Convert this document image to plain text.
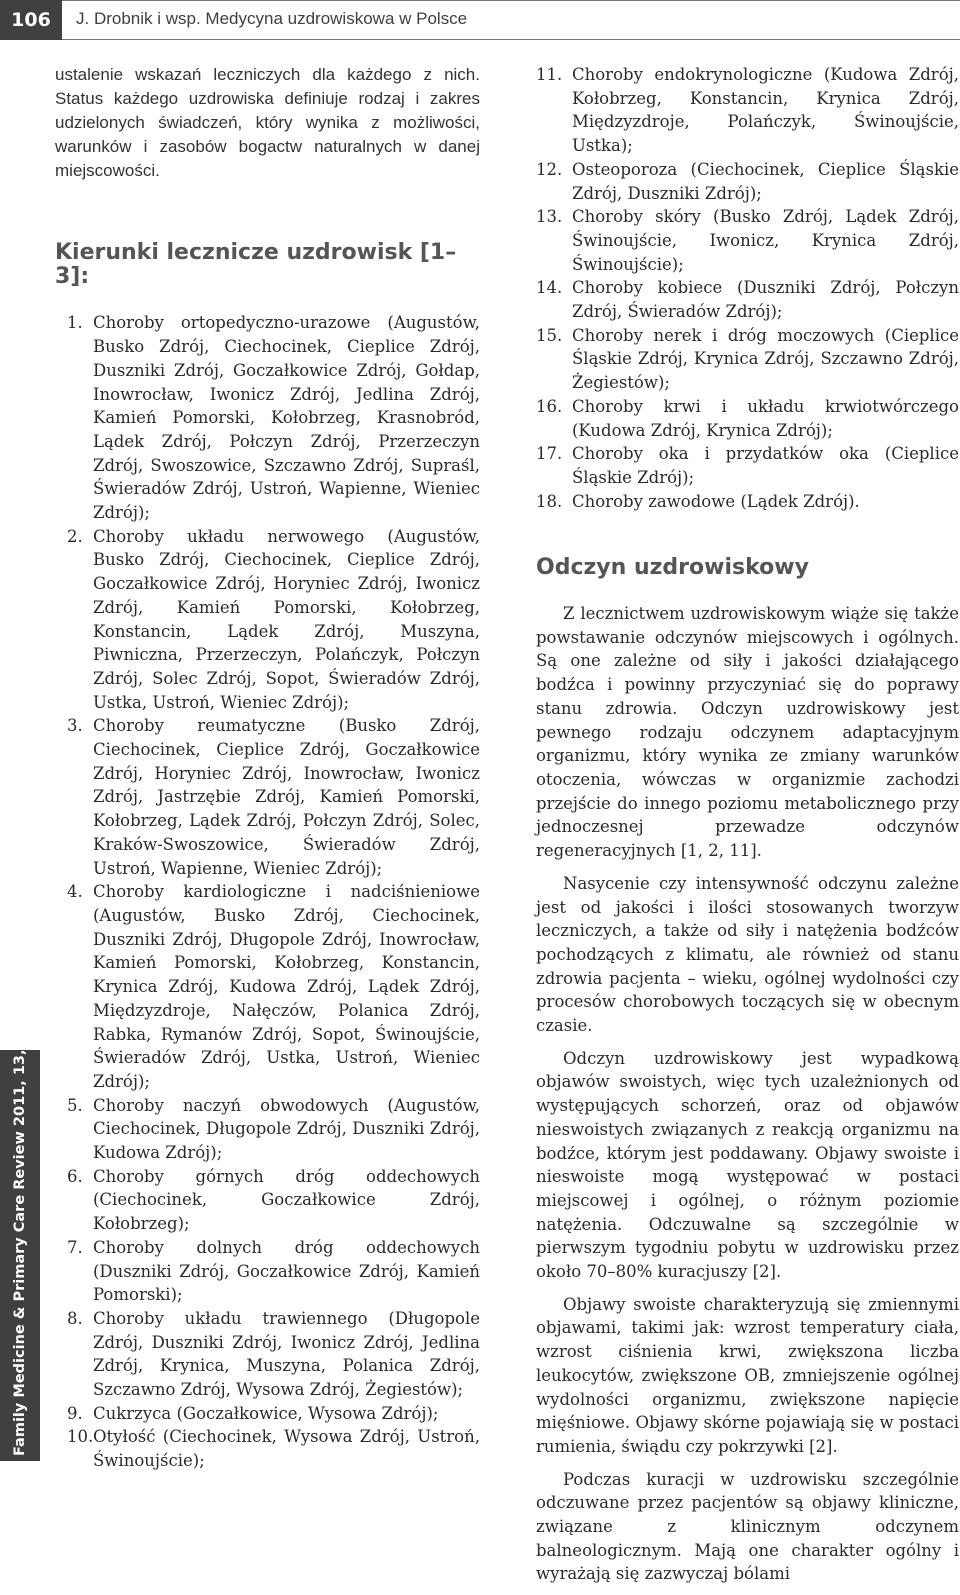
106	J. Drobnik i wsp. Medycyna uzdrowiskowa w Polsce
Family Medicine & Primary Care Review 2011, 13, 1
ustalenie wskazań leczniczych dla każdego z nich. Status każdego uzdrowiska definiuje rodzaj i zakres udzielonych świadczeń, który wynika z możliwości, warunków i zasobów bogactw naturalnych w danej miejscowości.
Kierunki lecznicze uzdrowisk [1–3]:
1. Choroby ortopedyczno-urazowe (Augustów, Busko Zdrój, Ciechocinek, Cieplice Zdrój, Duszniki Zdrój, Goczałkowice Zdrój, Gołdap, Inowrocław, Iwonicz Zdrój, Jedlina Zdrój, Kamień Pomorski, Kołobrzeg, Krasnobród, Lądek Zdrój, Połczyn Zdrój, Przerzeczyn Zdrój, Swoszowice, Szczawno Zdrój, Supraśl, Świeradów Zdrój, Ustroń, Wapienne, Wieniec Zdrój);
2. Choroby układu nerwowego (Augustów, Busko Zdrój, Ciechocinek, Cieplice Zdrój, Goczałkowice Zdrój, Horyniec Zdrój, Iwonicz Zdrój, Kamień Pomorski, Kołobrzeg, Konstancin, Lądek Zdrój, Muszyna, Piwniczna, Przerzeczyn, Polańczyk, Połczyn Zdrój, Solec Zdrój, Sopot, Świeradów Zdrój, Ustka, Ustroń, Wieniec Zdrój);
3. Choroby reumatyczne (Busko Zdrój, Ciechocinek, Cieplice Zdrój, Goczałkowice Zdrój, Horyniec Zdrój, Inowrocław, Iwonicz Zdrój, Jastrzębie Zdrój, Kamień Pomorski, Kołobrzeg, Lądek Zdrój, Połczyn Zdrój, Solec, Kraków-Swoszowice, Świeradów Zdrój, Ustroń, Wapienne, Wieniec Zdrój);
4. Choroby kardiologiczne i nadciśnieniowe (Augustów, Busko Zdrój, Ciechocinek, Duszniki Zdrój, Długopole Zdrój, Inowrocław, Kamień Pomorski, Kołobrzeg, Konstancin, Krynica Zdrój, Kudowa Zdrój, Lądek Zdrój, Międzyzdroje, Nałęczów, Polanica Zdrój, Rabka, Rymanów Zdrój, Sopot, Świnoujście, Świeradów Zdrój, Ustka, Ustroń, Wieniec Zdrój);
5. Choroby naczyń obwodowych (Augustów, Ciechocinek, Długopole Zdrój, Duszniki Zdrój, Kudowa Zdrój);
6. Choroby górnych dróg oddechowych (Ciechocinek, Goczałkowice Zdrój, Kołobrzeg);
7. Choroby dolnych dróg oddechowych (Duszniki Zdrój, Goczałkowice Zdrój, Kamień Pomorski);
8. Choroby układu trawiennego (Długopole Zdrój, Duszniki Zdrój, Iwonicz Zdrój, Jedlina Zdrój, Krynica, Muszyna, Polanica Zdrój, Szczawno Zdrój, Wysowa Zdrój, Żegiestów);
9. Cukrzyca (Goczałkowice, Wysowa Zdrój);
10. Otyłość (Ciechocinek, Wysowa Zdrój, Ustroń, Świnoujście);
11. Choroby endokrynologiczne (Kudowa Zdrój, Kołobrzeg, Konstancin, Krynica Zdrój, Międzyzdroje, Polańczyk, Świnoujście, Ustka);
12. Osteoporoza (Ciechocinek, Cieplice Śląskie Zdrój, Duszniki Zdrój);
13. Choroby skóry (Busko Zdrój, Lądek Zdrój, Świnoujście, Iwonicz, Krynica Zdrój, Świnoujście);
14. Choroby kobiece (Duszniki Zdrój, Połczyn Zdrój, Świeradów Zdrój);
15. Choroby nerek i dróg moczowych (Cieplice Śląskie Zdrój, Krynica Zdrój, Szczawno Zdrój, Żegiestów);
16. Choroby krwi i układu krwiotwórczego (Kudowa Zdrój, Krynica Zdrój);
17. Choroby oka i przydatków oka (Cieplice Śląskie Zdrój);
18. Choroby zawodowe (Lądek Zdrój).
Odczyn uzdrowiskowy

Z lecznictwem uzdrowiskowym wiąże się także powstawanie odczynów miejscowych i ogólnych. Są one zależne od siły i jakości działającego bodźca i powinny przyczyniać się do poprawy stanu zdrowia. Odczyn uzdrowiskowy jest pewnego rodzaju odczynem adaptacyjnym organizmu, który wynika ze zmiany warunków otoczenia, wówczas w organizmie zachodzi przejście do innego poziomu metabolicznego przy jednoczesnej przewadze odczynów regeneracyjnych [1, 2, 11].

Nasycenie czy intensywność odczynu zależne jest od jakości i ilości stosowanych tworzyw leczniczych, a także od siły i natężenia bodźców pochodzących z klimatu, ale również od stanu zdrowia pacjenta – wieku, ogólnej wydolności czy procesów chorobowych toczących się w obecnym czasie.

Odczyn uzdrowiskowy jest wypadkową objawów swoistych, więc tych uzależnionych od występujących schorzeń, oraz od objawów nieswoistych związanych z reakcją organizmu na bodźce, którym jest poddawany. Objawy swoiste i nieswoiste mogą występować w postaci miejscowej i ogólnej, o różnym poziomie natężenia. Odczuwalne są szczególnie w pierwszym tygodniu pobytu w uzdrowisku przez około 70–80% kuracjuszy [2].

Objawy swoiste charakteryzują się zmiennymi objawami, takimi jak: wzrost temperatury ciała, wzrost ciśnienia krwi, zwiększona liczba leukocytów, zwiększone OB, zmniejszenie ogólnej wydolności organizmu, zwiększone napięcie mięśniowe. Objawy skórne pojawiają się w postaci rumienia, świądu czy pokrzywki [2].

Podczas kuracji w uzdrowisku szczególnie odczuwane przez pacjentów są objawy kliniczne, związane z klinicznym odczynem balneologicznym. Mają one charakter ogólny i wyrażają się zazwyczaj bólami
